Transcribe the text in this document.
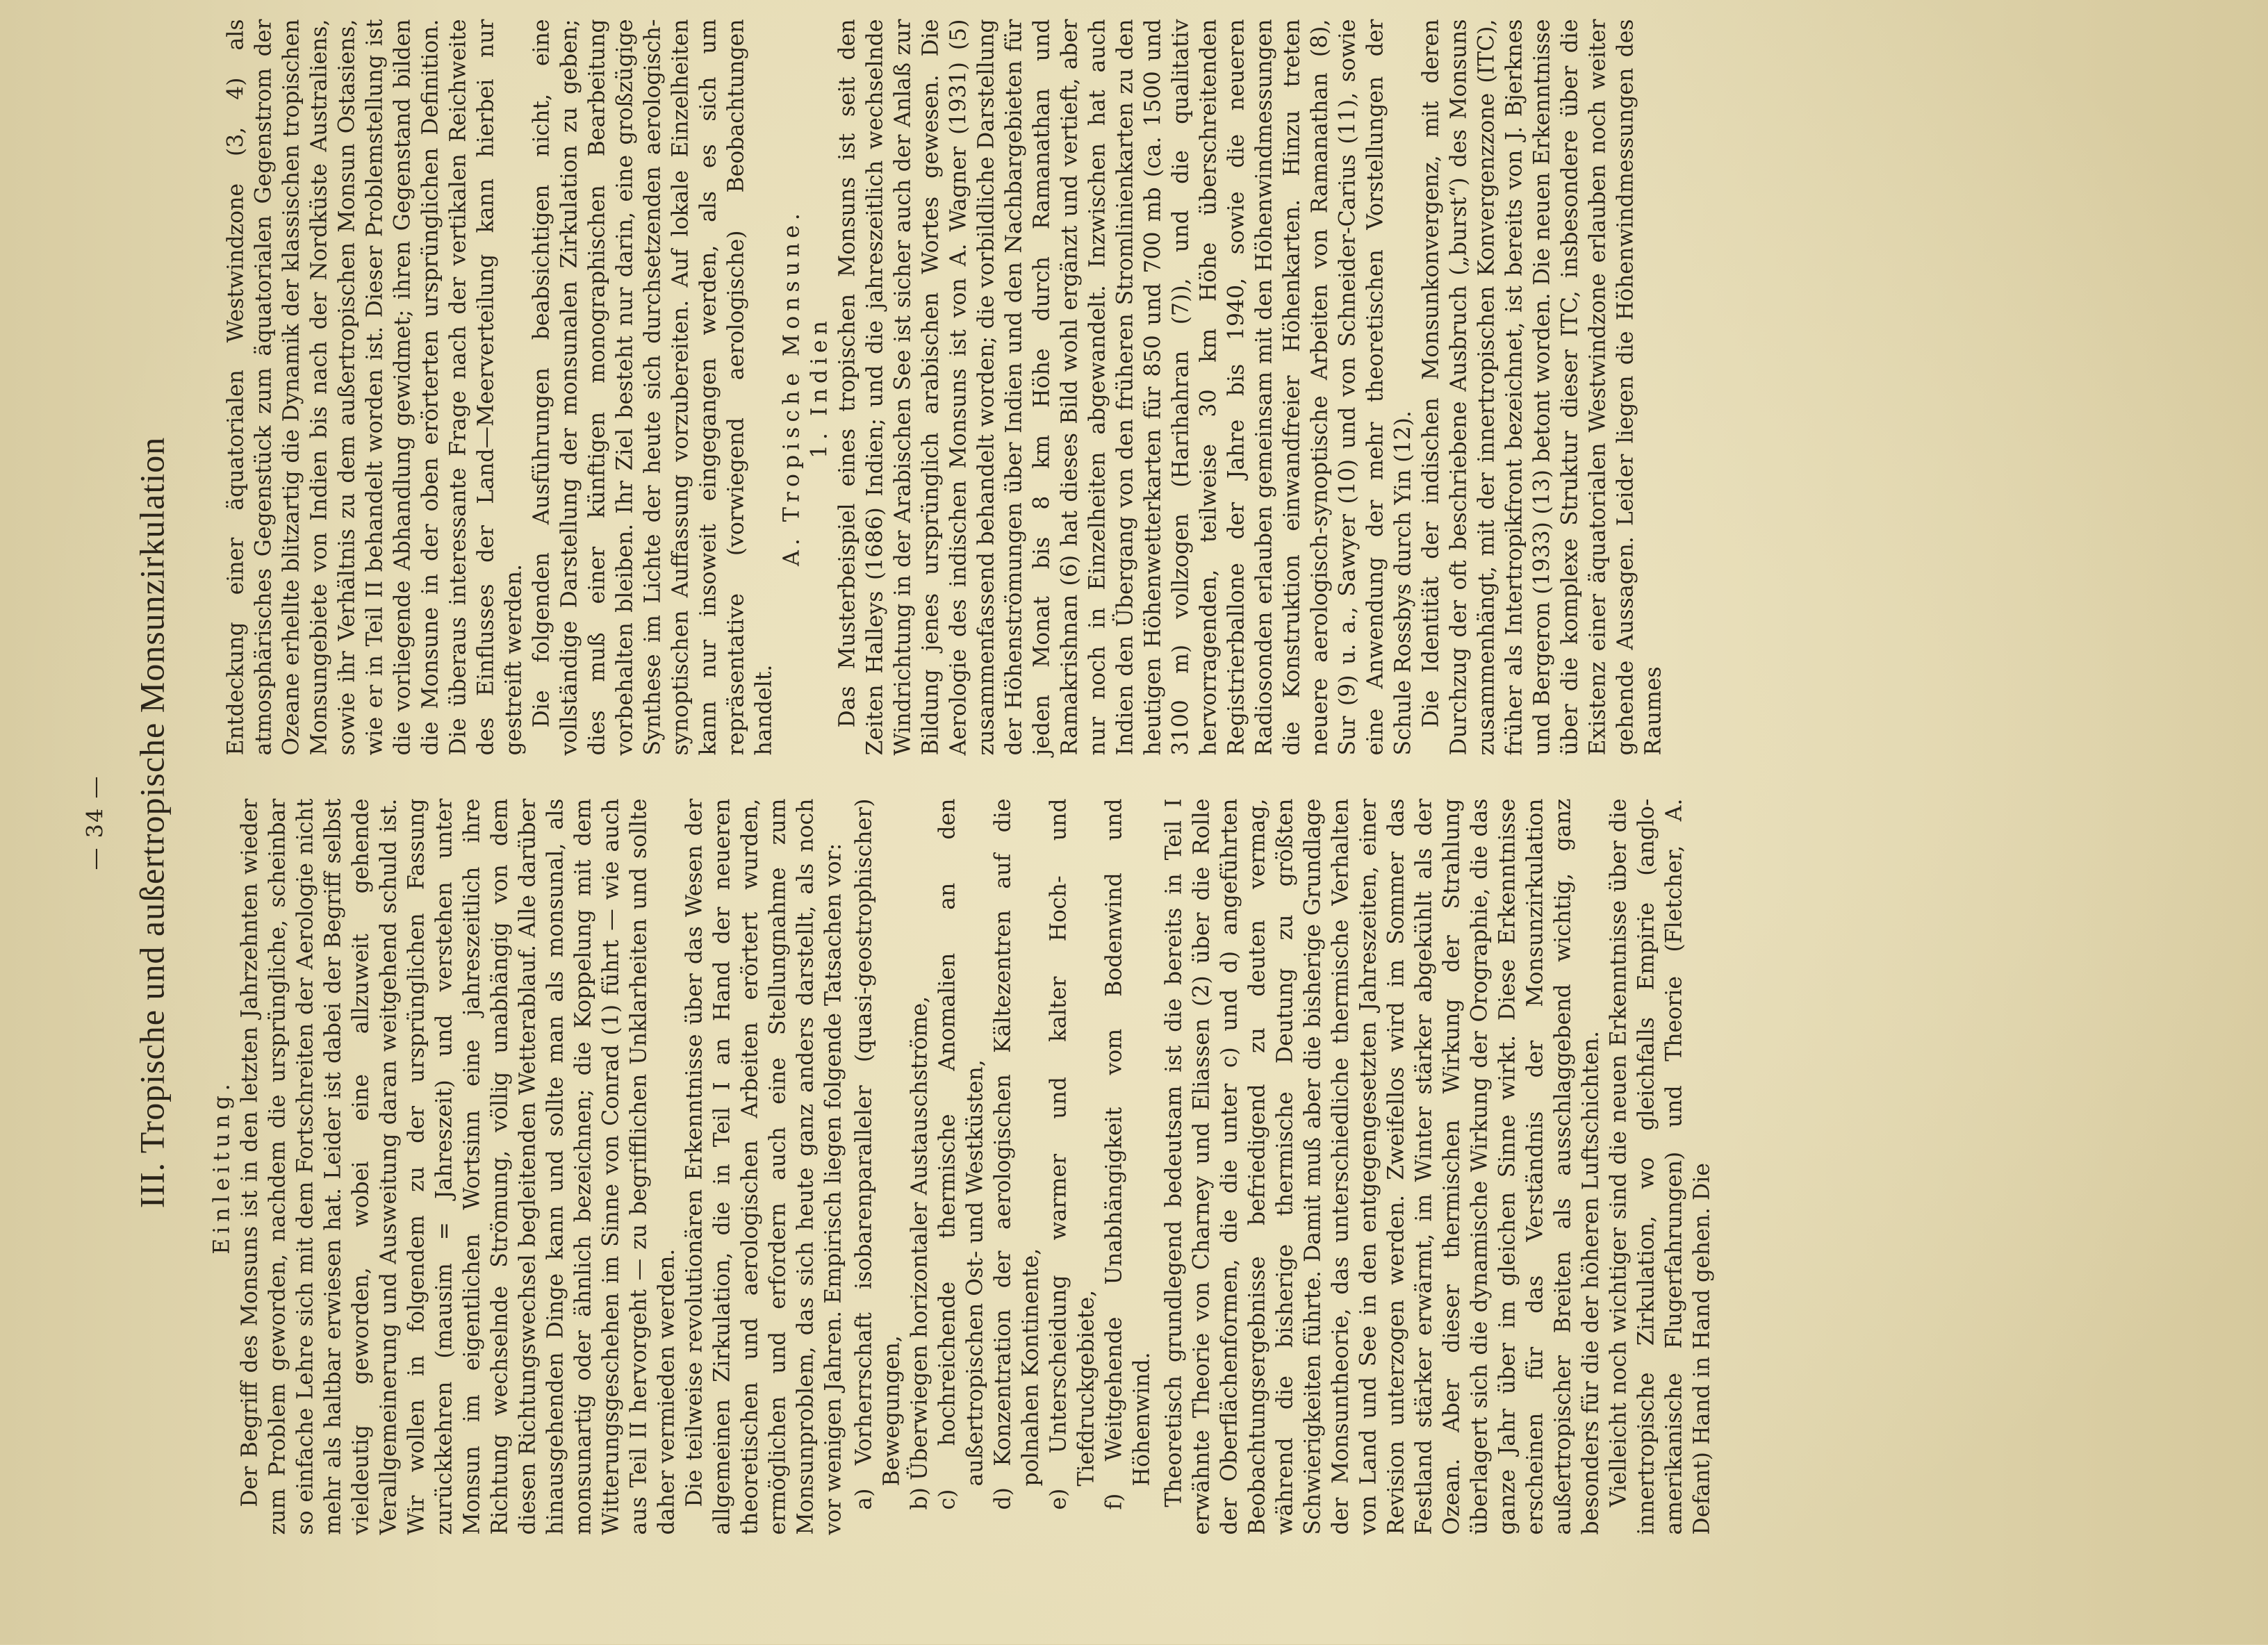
— 34 — III. Tropische und außertropische Monsunzirkulation Einleitung. Der Begriff des Monsuns ist in den letzten Jahrzehnten wieder zum Problem geworden, nachdem die ursprüngliche, scheinbar so einfache Lehre sich mit dem Fortschreiten der Aerologie nicht mehr als haltbar erwiesen hat. Leider ist dabei der Begriff selbst vieldeutig geworden, wobei eine allzuweit gehende Verallgemeinerung und Ausweitung daran weitgehend schuld ist. Wir wollen in folgendem zu der ursprünglichen Fassung zurückkehren (mausim = Jahreszeit) und verstehen unter Monsun im eigentlichen Wortsinn eine jahreszeitlich ihre Richtung wechselnde Strömung, völlig unabhängig von dem diesen Richtungswechsel begleitenden Wetterablauf. Alle darüber hinausgehenden Dinge kann und sollte man als monsunal, als monsunartig oder ähnlich bezeichnen; die Koppelung mit dem Witterungsgeschehen im Sinne von Conrad (1) führt — wie auch aus Teil II hervorgeht — zu begrifflichen Unklarheiten und sollte daher vermieden werden. Die teilweise revolutionären Erkenntnisse über das Wesen der allgemeinen Zirkulation, die in Teil I an Hand der neueren theoretischen und aerologischen Arbeiten erörtert wurden, ermöglichen und erfordern auch eine Stellungnahme zum Monsunproblem, das sich heute ganz anders darstellt, als noch vor wenigen Jahren. Empirisch liegen folgende Tatsachen vor: a) Vorherrschaft isobarenparalleler (quasi-geostrophischer) Bewegungen, b) Überwiegen horizontaler Austauschströme, c) hochreichende thermische Anomalien an den außertropischen Ost- und Westküsten, d) Konzentration der aerologischen Kältezentren auf die polnahen Kontinente, e) Unterscheidung warmer und kalter Hoch- und Tiefdruckgebiete, f) Weitgehende Unabhängigkeit vom Bodenwind und Höhenwind. Theoretisch grundlegend bedeutsam ist die bereits in Teil I erwähnte Theorie von Charney und Eliassen (2) über die Rolle der Oberflächenformen, die die unter c) und d) angeführten Beobachtungsergebnisse befriedigend zu deuten vermag, während die bisherige thermische Deutung zu größten Schwierigkeiten führte. Damit muß aber die bisherige Grundlage der Monsuntheorie, das unterschiedliche thermische Verhalten von Land und See in den entgegengesetzten Jahreszeiten, einer Revision unterzogen werden. Zweifellos wird im Sommer das Festland stärker erwärmt, im Winter stärker abgekühlt als der Ozean. Aber dieser thermischen Wirkung der Strahlung überlagert sich die dynamische Wirkung der Orographie, die das ganze Jahr über im gleichen Sinne wirkt. Diese Erkenntnisse erscheinen für das Verständnis der Monsunzirkulation außertropischer Breiten als ausschlaggebend wichtig, ganz besonders für die der höheren Luftschichten. Vielleicht noch wichtiger sind die neuen Erkenntnisse über die innertropische Zirkulation, wo gleichfalls Empirie (anglo-amerikanische Flugerfahrungen) und Theorie (Fletcher, A. Defant) Hand in Hand gehen. Die

Entdeckung einer äquatorialen Westwindzone (3, 4) als atmosphärisches Gegenstück zum äquatorialen Gegenstrom der Ozeane erhellte blitzartig die Dynamik der klassischen tropischen Monsungebiete von Indien bis nach der Nordküste Australiens, sowie ihr Verhältnis zu dem außertropischen Monsun Ostasiens, wie er in Teil II behandelt worden ist. Dieser Problemstellung ist die vorliegende Abhandlung gewidmet; ihren Gegenstand bilden die Monsune in der oben erörterten ursprünglichen Definition. Die überaus interessante Frage nach der vertikalen Reichweite des Einflusses der Land—Meerverteilung kann hierbei nur gestreift werden. Die folgenden Ausführungen beabsichtigen nicht, eine vollständige Darstellung der monsunalen Zirkulation zu geben; dies muß einer künftigen monographischen Bearbeitung vorbehalten bleiben. Ihr Ziel besteht nur darin, eine großzügige Synthese im Lichte der heute sich durchsetzenden aerologisch-synoptischen Auffassung vorzubereiten. Auf lokale Einzelheiten kann nur insoweit eingegangen werden, als es sich um repräsentative (vorwiegend aerologische) Beobachtungen handelt.

A. Tropische Monsune. 1. Indien Das Musterbeispiel eines tropischen Monsuns ist seit den Zeiten Halleys (1686) Indien; und die jahreszeitlich wechselnde Windrichtung in der Arabischen See ist sicher auch der Anlaß zur Bildung jenes ursprünglich arabischen Wortes gewesen. Die Aerologie des indischen Monsuns ist von A. Wagner (1931) (5) zusammenfassend behandelt worden; die vorbildliche Darstellung der Höhenströmungen über Indien und den Nachbargebieten für jeden Monat bis 8 km Höhe durch Ramanathan und Ramakrishnan (6) hat dieses Bild wohl ergänzt und vertieft, aber nur noch in Einzelheiten abgewandelt. Inzwischen hat auch Indien den Übergang von den früheren Stromlinienkarten zu den heutigen Höhenwetterkarten für 850 und 700 mb (ca. 1500 und 3100 m) vollzogen (Harihahran (7)), und die qualitativ hervorragenden, teilweise 30 km Höhe überschreitenden Registrierballone der Jahre bis 1940, sowie die neueren Radiosonden erlauben gemeinsam mit den Höhenwindmessungen die Konstruktion einwandfreier Höhenkarten. Hinzu treten neuere aerologisch-synoptische Arbeiten von Ramanathan (8), Sur (9) u. a., Sawyer (10) und von Schneider-Carius (11), sowie eine Anwendung der mehr theoretischen Vorstellungen der Schule Rossbys durch Yin (12). Die Identität der indischen Monsunkonvergenz, mit deren Durchzug der oft beschriebene Ausbruch („burst“) des Monsuns zusammenhängt, mit der innertropischen Konvergenzzone (ITC), früher als Intertropikfront bezeichnet, ist bereits von J. Bjerknes und Bergeron (1933) (13) betont worden. Die neuen Erkenntnisse über die komplexe Struktur dieser ITC, insbesondere über die Existenz einer äquatorialen Westwindzone erlauben noch weiter gehende Aussagen. Leider liegen die Höhenwindmessungen des Raumes
